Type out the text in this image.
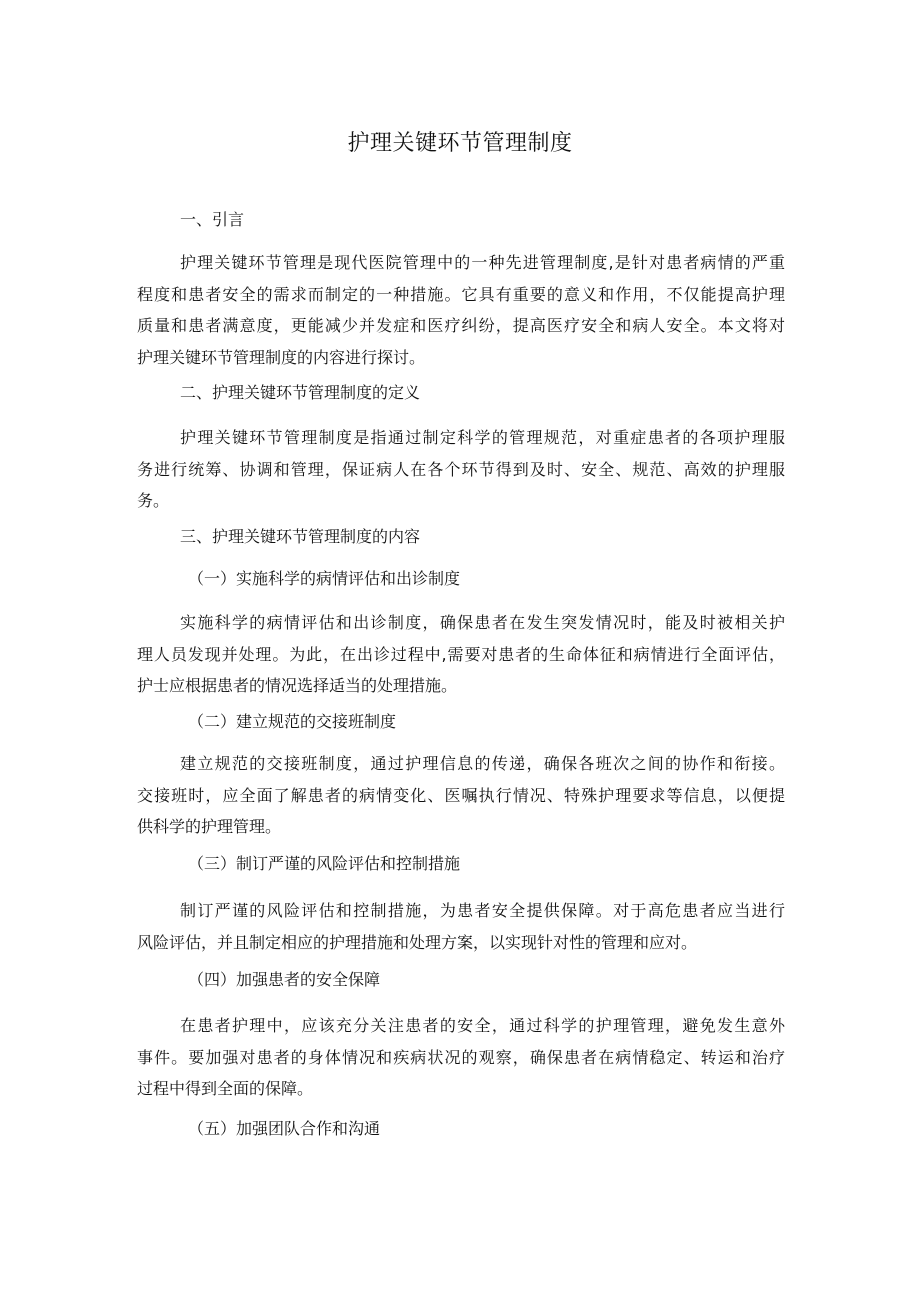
护理关键环节管理制度
一、引言
护理关键环节管理是现代医院管理中的一种先进管理制度,是针对患者病情的严重
程度和患者安全的需求而制定的一种措施。它具有重要的意义和作用，不仅能提高护理
质量和患者满意度，更能减少并发症和医疗纠纷，提高医疗安全和病人安全。本文将对
护理关键环节管理制度的内容进行探讨。
二、护理关键环节管理制度的定义
护理关键环节管理制度是指通过制定科学的管理规范，对重症患者的各项护理服
务进行统筹、协调和管理，保证病人在各个环节得到及时、安全、规范、高效的护理服
务。
三、护理关键环节管理制度的内容
（一）实施科学的病情评估和出诊制度
实施科学的病情评估和出诊制度，确保患者在发生突发情况时，能及时被相关护
理人员发现并处理。为此，在出诊过程中,需要对患者的生命体征和病情进行全面评估，
护士应根据患者的情况选择适当的处理措施。
（二）建立规范的交接班制度
建立规范的交接班制度，通过护理信息的传递，确保各班次之间的协作和衔接。
交接班时，应全面了解患者的病情变化、医嘱执行情况、特殊护理要求等信息，以便提
供科学的护理管理。
（三）制订严谨的风险评估和控制措施
制订严谨的风险评估和控制措施，为患者安全提供保障。对于高危患者应当进行
风险评估，并且制定相应的护理措施和处理方案，以实现针对性的管理和应对。
（四）加强患者的安全保障
在患者护理中，应该充分关注患者的安全，通过科学的护理管理，避免发生意外
事件。要加强对患者的身体情况和疾病状况的观察，确保患者在病情稳定、转运和治疗
过程中得到全面的保障。
（五）加强团队合作和沟通
